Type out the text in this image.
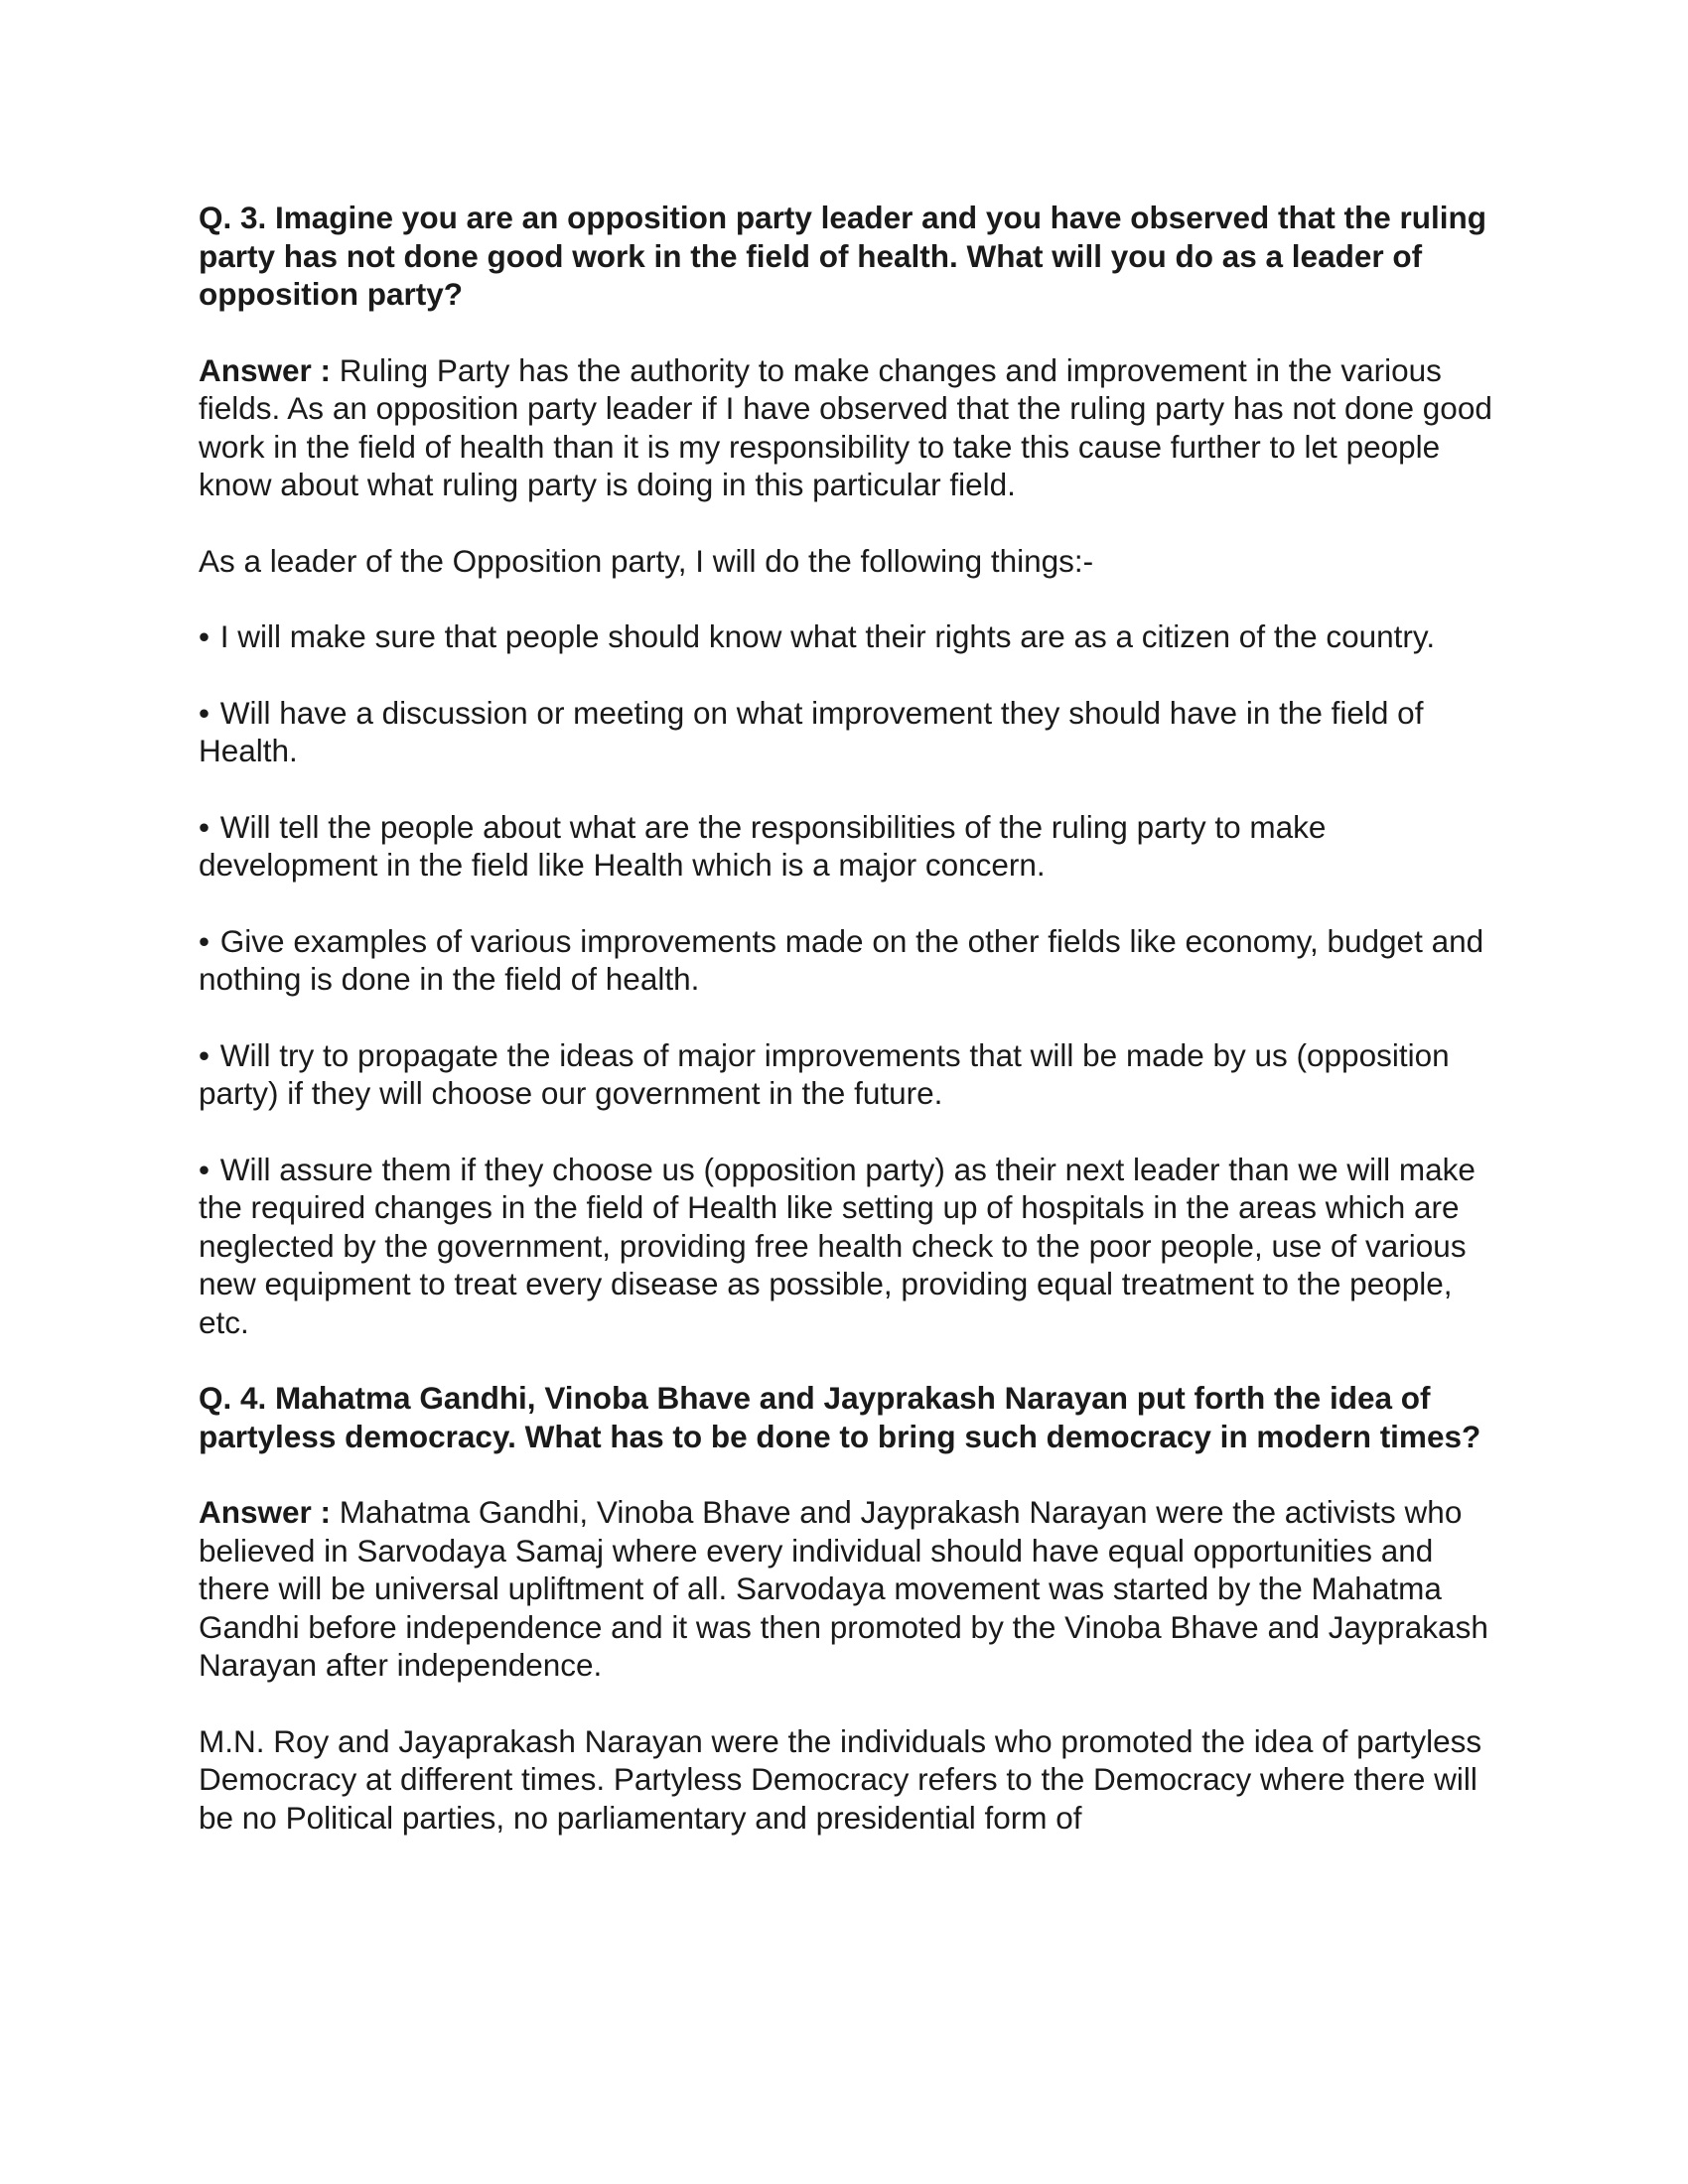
Q. 3. Imagine you are an opposition party leader and you have observed that the ruling party has not done good work in the field of health. What will you do as a leader of opposition party?

Answer : Ruling Party has the authority to make changes and improvement in the various fields. As an opposition party leader if I have observed that the ruling party has not done good work in the field of health than it is my responsibility to take this cause further to let people know about what ruling party is doing in this particular field.

As a leader of the Opposition party, I will do the following things:-

• I will make sure that people should know what their rights are as a citizen of the country.
• Will have a discussion or meeting on what improvement they should have in the field of Health.
• Will tell the people about what are the responsibilities of the ruling party to make development in the field like Health which is a major concern.
• Give examples of various improvements made on the other fields like economy, budget and nothing is done in the field of health.
• Will try to propagate the ideas of major improvements that will be made by us (opposition party) if they will choose our government in the future.
• Will assure them if they choose us (opposition party) as their next leader than we will make the required changes in the field of Health like setting up of hospitals in the areas which are neglected by the government, providing free health check to the poor people, use of various new equipment to treat every disease as possible, providing equal treatment to the people, etc.

Q. 4. Mahatma Gandhi, Vinoba Bhave and Jayprakash Narayan put forth the idea of partyless democracy. What has to be done to bring such democracy in modern times?

Answer : Mahatma Gandhi, Vinoba Bhave and Jayprakash Narayan were the activists who believed in Sarvodaya Samaj where every individual should have equal opportunities and there will be universal upliftment of all. Sarvodaya movement was started by the Mahatma Gandhi before independence and it was then promoted by the Vinoba Bhave and Jayprakash Narayan after independence.

M.N. Roy and Jayaprakash Narayan were the individuals who promoted the idea of partyless Democracy at different times. Partyless Democracy refers to the Democracy where there will be no Political parties, no parliamentary and presidential form of
